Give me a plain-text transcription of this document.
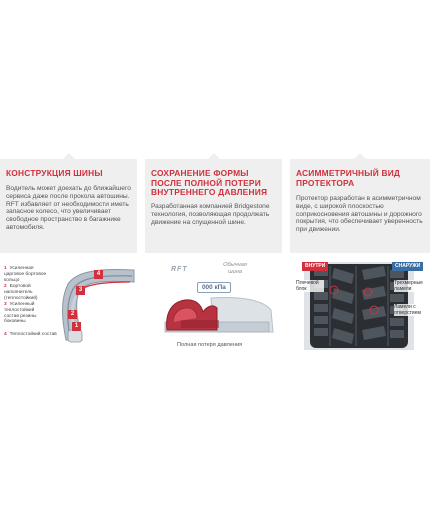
КОНСТРУКЦИЯ ШИНЫ
Водитель может доехать до ближайшего сервиса даже после прокола автошины. RFT избавляет от необходимости иметь запасное колесо, что увеличивает свободное пространство в багажнике автомобиля.
СОХРАНЕНИЕ ФОРМЫ ПОСЛЕ ПОЛНОЙ ПОТЕРИ ВНУТРЕННЕГО ДАВЛЕНИЯ
Разработанная компанией Bridgestone технология, позволяющая продолжать движение на спущенной шине.
АСИММЕТРИЧНЫЙ ВИД ПРОТЕКТОРА
Протектор разработан в асимметричном виде, с широкой плоскостью соприкосновения автошины и дорожного покрытия, что обеспечивает уверенность при движении.
1 Усиленная царговое бортовое кольцо
2 Бортовой наполнитель (теплостойкий)
3 Усиленный теплостойкий состав резины боковины
4 Теплостойкий состав
4
3
2
1
RFT
Обычная шина
000 кПа
Полная потеря давления
ВНУТРИ	СНАРУЖИ
Плечевой блок
Трехмерные ламели
Ламели с отверстием
